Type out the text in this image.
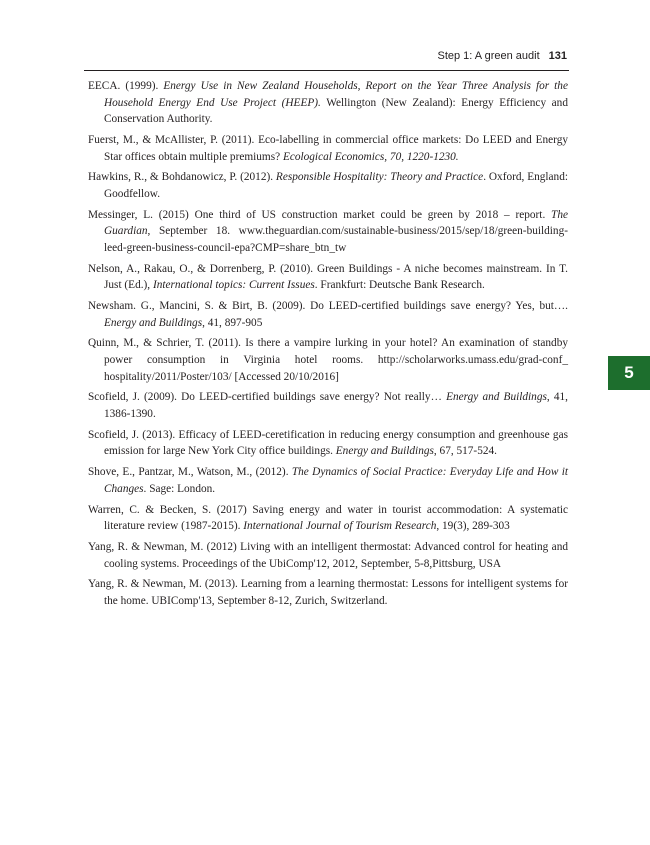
Step 1: A green audit 131

EECA. (1999). Energy Use in New Zealand Households, Report on the Year Three Analysis for the Household Energy End Use Project (HEEP). Wellington (New Zealand): Energy Efficiency and Conservation Authority.

Fuerst, M., & McAllister, P. (2011). Eco-labelling in commercial office markets: Do LEED and Energy Star offices obtain multiple premiums? Ecological Economics, 70, 1220-1230.

Hawkins, R., & Bohdanowicz, P. (2012). Responsible Hospitality: Theory and Practice. Oxford, England: Goodfellow.

Messinger, L. (2015) One third of US construction market could be green by 2018 – report. The Guardian, September 18. www.theguardian.com/sustainable-business/2015/sep/18/green-building-leed-green-business-council-epa?CMP=share_btn_tw

Nelson, A., Rakau, O., & Dorrenberg, P. (2010). Green Buildings - A niche becomes mainstream. In T. Just (Ed.), International topics: Current Issues. Frankfurt: Deutsche Bank Research.

Newsham. G., Mancini, S. & Birt, B. (2009). Do LEED-certified buildings save energy? Yes, but…. Energy and Buildings, 41, 897-905

Quinn, M., & Schrier, T. (2011). Is there a vampire lurking in your hotel? An examination of standby power consumption in Virginia hotel rooms. http://scholarworks.umass.edu/grad-conf_ hospitality/2011/Poster/103/ [Accessed 20/10/2016]

Scofield, J. (2009). Do LEED-certified buildings save energy? Not really… Energy and Buildings, 41, 1386-1390.

Scofield, J. (2013). Efficacy of LEED-ceretification in reducing energy consumption and greenhouse gas emission for large New York City office buildings. Energy and Buildings, 67, 517-524.

Shove, E., Pantzar, M., Watson, M., (2012). The Dynamics of Social Practice: Everyday Life and How it Changes. Sage: London.

Warren, C. & Becken, S. (2017) Saving energy and water in tourist accommodation: A systematic literature review (1987-2015). International Journal of Tourism Research, 19(3), 289-303

Yang, R. & Newman, M. (2012) Living with an intelligent thermostat: Advanced control for heating and cooling systems. Proceedings of the UbiComp'12, 2012, September, 5-8,Pittsburg, USA

Yang, R. & Newman, M. (2013). Learning from a learning thermostat: Lessons for intelligent systems for the home. UBIComp'13, September 8-12, Zurich, Switzerland.

5
